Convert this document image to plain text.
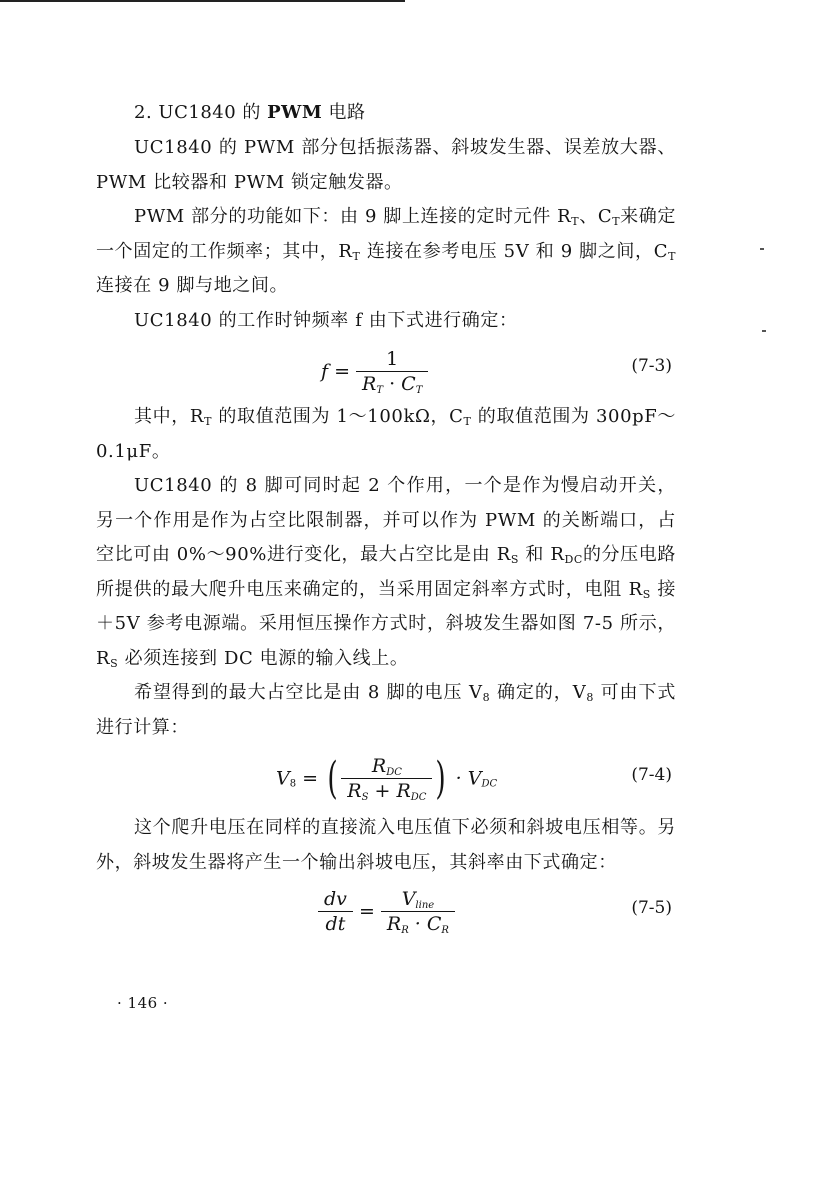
2. UC1840 的 PWM 电路

UC1840 的 PWM 部分包括振荡器、斜坡发生器、误差放大器、PWM 比较器和 PWM 锁定触发器。

PWM 部分的功能如下：由 9 脚上连接的定时元件 $R_T$、$C_T$来确定一个固定的工作频率；其中，$R_T$ 连接在参考电压 5V 和 9 脚之间，$C_T$ 连接在 9 脚与地之间。

UC1840 的工作时钟频率 f 由下式进行确定：

$f = \frac{1}{RT \cdot CT}$	(7-3)

其中，$R_T$ 的取值范围为 1～100kΩ，$C_T$ 的取值范围为 300pF～0.1μF。

UC1840 的 8 脚可同时起 2 个作用，一个是作为慢启动开关，另一个作用是作为占空比限制器，并可以作为 PWM 的关断端口，占空比可由 0%～90%进行变化，最大占空比是由 $R_S$ 和 $R_{DC}$的分压电路所提供的最大爬升电压来确定的，当采用固定斜率方式时，电阻 $R_S$ 接＋5V 参考电源端。采用恒压操作方式时，斜坡发生器如图 7-5 所示，$R_S$ 必须连接到 DC 电源的输入线上。

希望得到的最大占空比是由 8 脚的电压 $V_8$ 确定的，$V_8$ 可由下式进行计算：

V8 = ( $\frac{\text{RDC}}{\text{RS + RDC}}$ ) · VDC	(7-4)

这个爬升电压在同样的直接流入电压值下必须和斜坡电压相等。另外，斜坡发生器将产生一个输出斜坡电压，其斜率由下式确定：

$\frac{dv}{dt} = \frac{\text{Vline}}{RR \cdot CR}$	(7-5)
· 146 ·
